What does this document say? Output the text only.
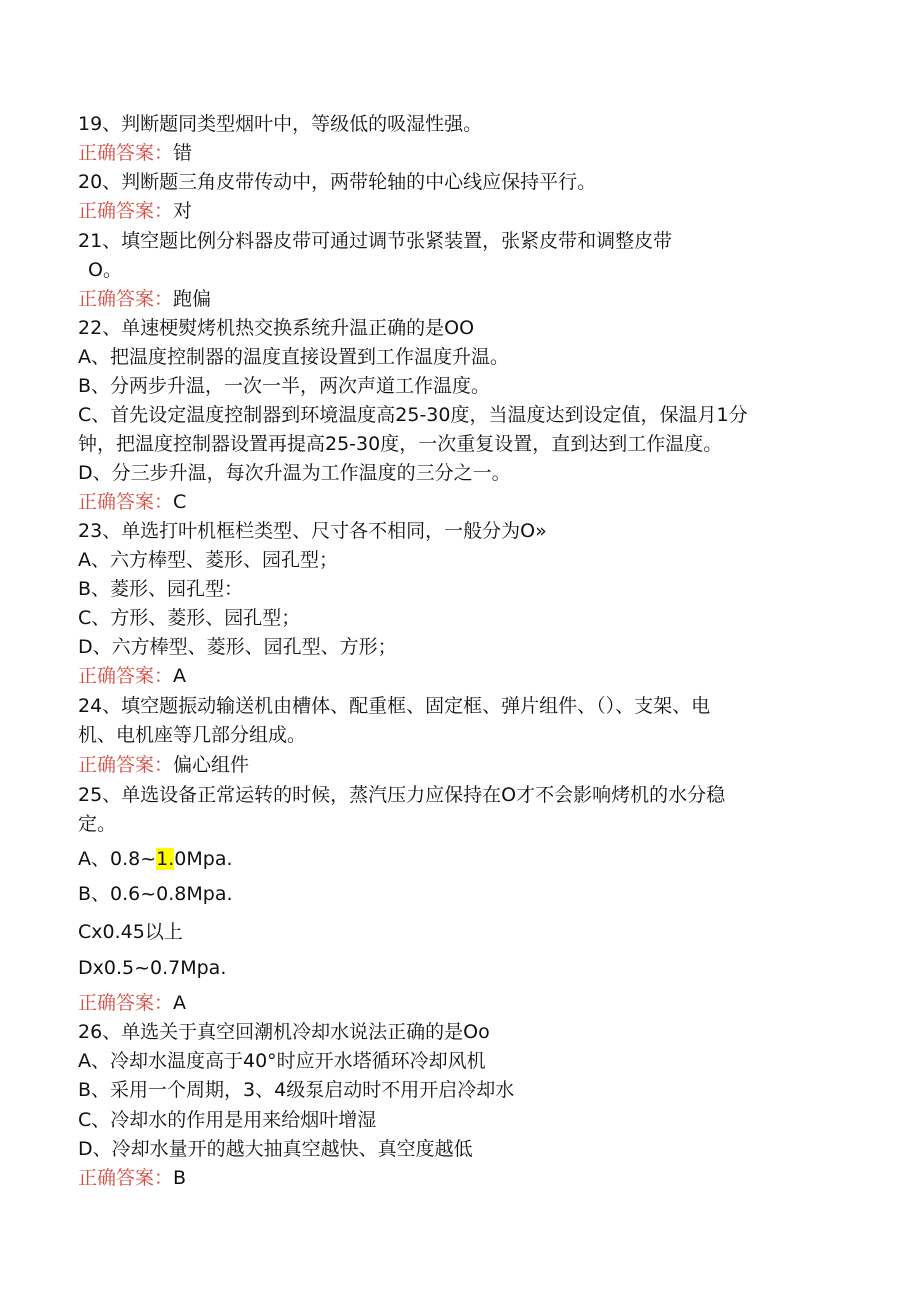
19、判断题同类型烟叶中，等级低的吸湿性强。
正确答案：错
20、判断题三角皮带传动中，两带轮轴的中心线应保持平行。
正确答案：对
21、填空题比例分料器皮带可通过调节张紧装置，张紧皮带和调整皮带
O。
正确答案：跑偏
22、单速梗熨烤机热交换系统升温正确的是OO
A、把温度控制器的温度直接设置到工作温度升温。
B、分两步升温，一次一半，两次声道工作温度。
C、首先设定温度控制器到环境温度高25-30度，当温度达到设定值，保温月1分
钟，把温度控制器设置再提高25-30度，一次重复设置，直到达到工作温度。
D、分三步升温，每次升温为工作温度的三分之一。
正确答案：C
23、单选打叶机框栏类型、尺寸各不相同，一般分为O»
A、六方棒型、菱形、园孔型；
B、菱形、园孔型：
C、方形、菱形、园孔型；
D、六方棒型、菱形、园孔型、方形；
正确答案：A
24、填空题振动输送机由槽体、配重框、固定框、弹片组件、（）、支架、电
机、电机座等几部分组成。
正确答案：偏心组件
25、单选设备正常运转的时候，蒸汽压力应保持在O才不会影响烤机的水分稳
定。
A、0.8~1.0Mpa.
B、0.6~0.8Mpa.
Cx0.45以上
Dx0.5~0.7Mpa.
正确答案：A
26、单选关于真空回潮机冷却水说法正确的是Oo
A、冷却水温度高于40°时应开水塔循环冷却风机
B、采用一个周期，3、4级泵启动时不用开启冷却水
C、冷却水的作用是用来给烟叶增湿
D、冷却水量开的越大抽真空越快、真空度越低
正确答案：B
